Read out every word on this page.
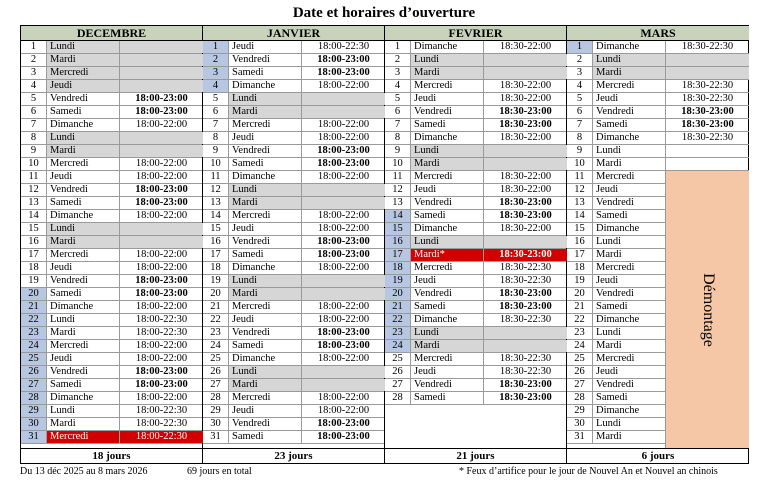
Date et horaires d’ouverture
DECEMBRE
1	Lundi
2	Mardi
3	Mercredi
4	Jeudi
5	Vendredi	18:00-23:00
6	Samedi	18:00-23:00
7	Dimanche	18:00-22:00
8	Lundi
9	Mardi
10	Mercredi	18:00-22:00
11	Jeudi	18:00-22:00
12	Vendredi	18:00-23:00
13	Samedi	18:00-23:00
14	Dimanche	18:00-22:00
15	Lundi
16	Mardi
17	Mercredi	18:00-22:00
18	Jeudi	18:00-22:00
19	Vendredi	18:00-23:00
20	Samedi	18:00-23:00
21	Dimanche	18:00-22:00
22	Lundi	18:00-22:30
23	Mardi	18:00-22:30
24	Mercredi	18:00-22:00
25	Jeudi	18:00-22:00
26	Vendredi	18:00-23:00
27	Samedi	18:00-23:00
28	Dimanche	18:00-22:00
29	Lundi	18:00-22:30
30	Mardi	18:00-22:30
31	Mercredi	18:00-22:30
18 jours
JANVIER
1	Jeudi	18:00-22:30
2	Vendredi	18:00-23:00
3	Samedi	18:00-23:00
4	Dimanche	18:00-22:00
5	Lundi
6	Mardi
7	Mercredi	18:00-22:00
8	Jeudi	18:00-22:00
9	Vendredi	18:00-23:00
10	Samedi	18:00-23:00
11	Dimanche	18:00-22:00
12	Lundi
13	Mardi
14	Mercredi	18:00-22:00
15	Jeudi	18:00-22:00
16	Vendredi	18:00-23:00
17	Samedi	18:00-23:00
18	Dimanche	18:00-22:00
19	Lundi
20	Mardi
21	Mercredi	18:00-22:00
22	Jeudi	18:00-22:00
23	Vendredi	18:00-23:00
24	Samedi	18:00-23:00
25	Dimanche	18:00-22:00
26	Lundi
27	Mardi
28	Mercredi	18:00-22:00
29	Jeudi	18:00-22:00
30	Vendredi	18:00-23:00
31	Samedi	18:00-23:00
23 jours
FEVRIER
1	Dimanche	18:30-22:00
2	Lundi
3	Mardi
4	Mercredi	18:30-22:00
5	Jeudi	18:30-22:00
6	Vendredi	18:30-23:00
7	Samedi	18:30-23:00
8	Dimanche	18:30-22:00
9	Lundi
10	Mardi
11	Mercredi	18:30-22:00
12	Jeudi	18:30-22:00
13	Vendredi	18:30-23:00
14	Samedi	18:30-23:00
15	Dimanche	18:30-22:00
16	Lundi
17	Mardi*	18:30-23:00
18	Mercredi	18:30-22:30
19	Jeudi	18:30-22:30
20	Vendredi	18:30-23:00
21	Samedi	18:30-23:00
22	Dimanche	18:30-22:30
23	Lundi
24	Mardi
25	Mercredi	18:30-22:30
26	Jeudi	18:30-22:30
27	Vendredi	18:30-23:00
28	Samedi	18:30-23:00
21 jours
MARS
1	Dimanche	18:30-22:30
2	Lundi
3	Mardi
4	Mercredi	18:30-22:30
5	Jeudi	18:30-22:30
6	Vendredi	18:30-23:00
7	Samedi	18:30-23:00
8	Dimanche	18:30-22:30
9	Lundi
10	Mardi
11	Mercredi
12	Jeudi
13	Vendredi
14	Samedi
15	Dimanche
16	Lundi
17	Mardi
18	Mercredi
19	Jeudi
20	Vendredi
21	Samedi
22	Dimanche
23	Lundi
24	Mardi
25	Mercredi
26	Jeudi
27	Vendredi
28	Samedi
29	Dimanche
30	Lundi
31	Mardi
Démontage
6 jours
Du 13 déc 2025 au 8 mars 2026	69 jours en total	* Feux d’artifice pour le jour de Nouvel An et Nouvel an chinois
